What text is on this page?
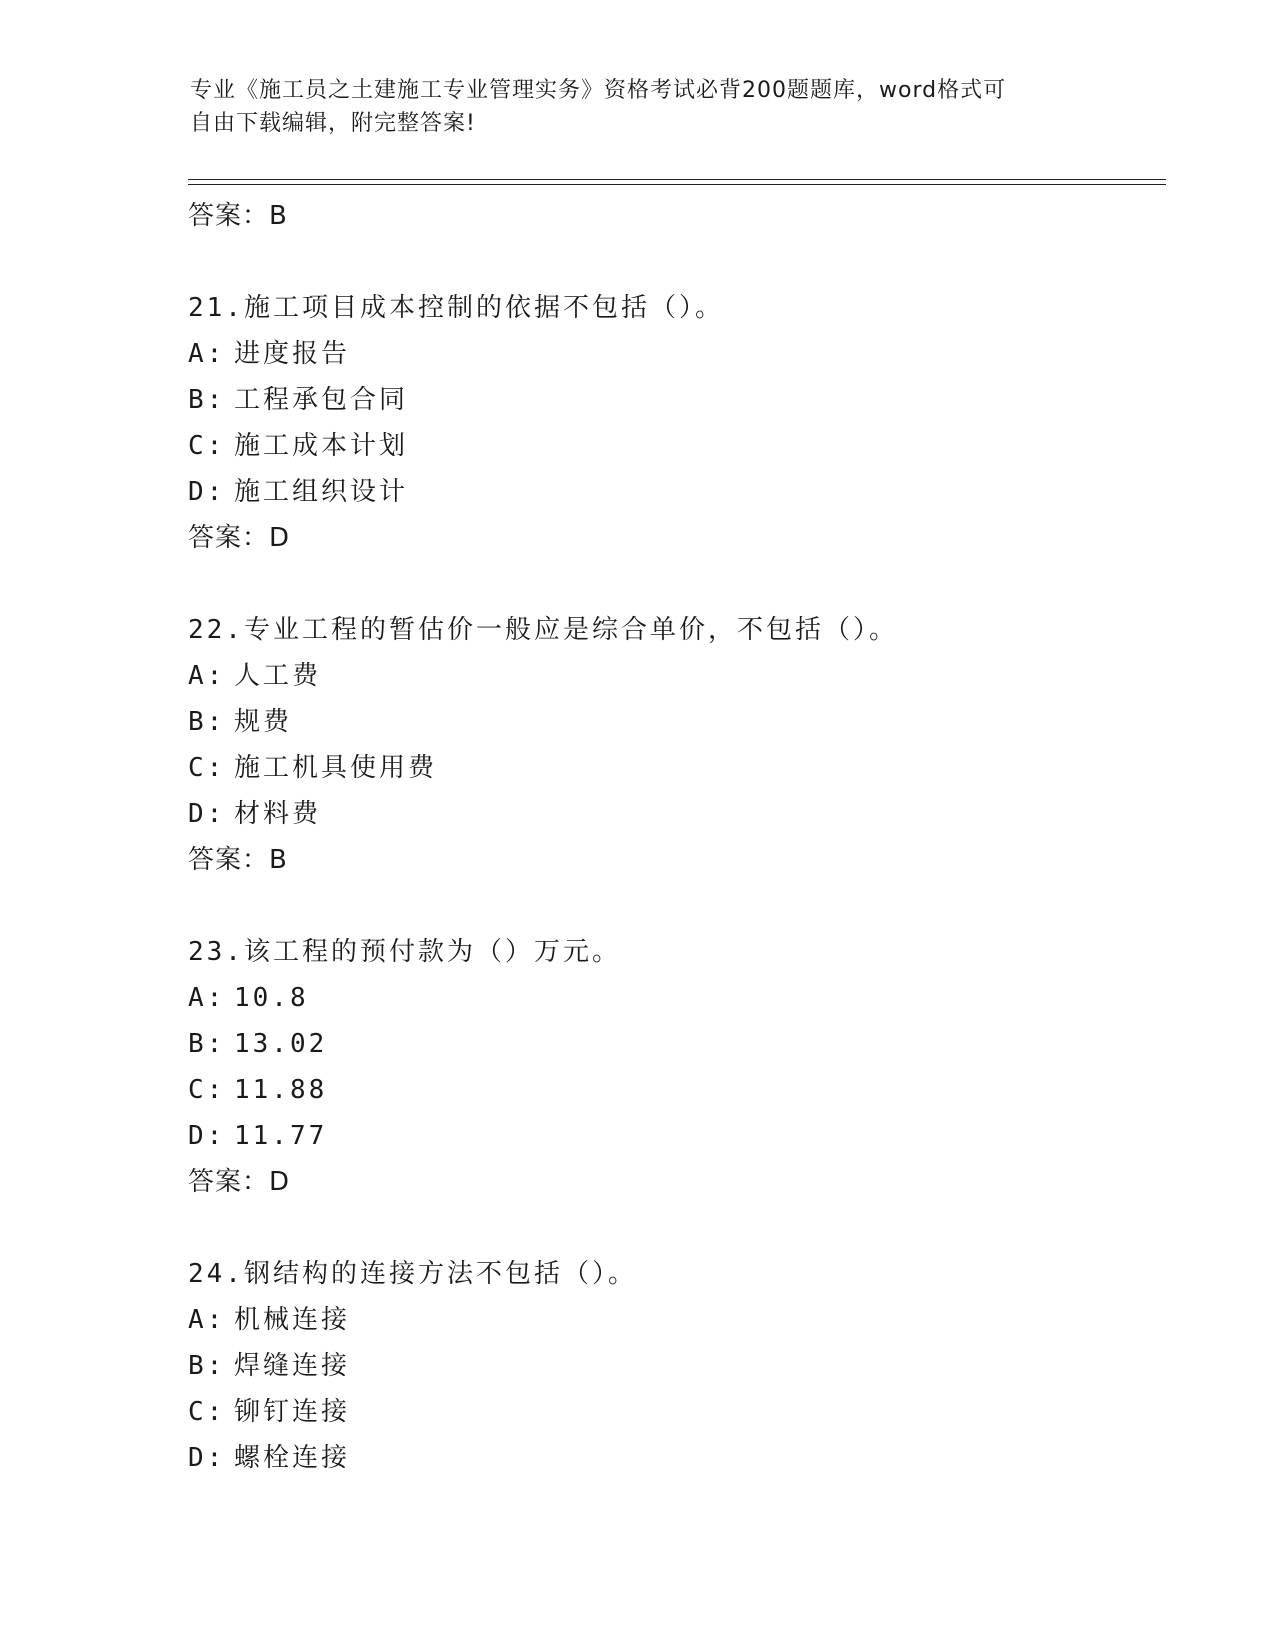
专业《施工员之土建施工专业管理实务》资格考试必背200题题库，word格式可
自由下载编辑，附完整答案!
答案：B
21.施工项目成本控制的依据不包括（）。
A: 进度报告
B: 工程承包合同
C: 施工成本计划
D: 施工组织设计
答案：D
22.专业工程的暂估价一般应是综合单价，不包括（）。
A: 人工费
B: 规费
C: 施工机具使用费
D: 材料费
答案：B
23.该工程的预付款为（）万元。
A: 10.8
B: 13.02
C: 11.88
D: 11.77
答案：D
24.钢结构的连接方法不包括（）。
A: 机械连接
B: 焊缝连接
C: 铆钉连接
D: 螺栓连接
